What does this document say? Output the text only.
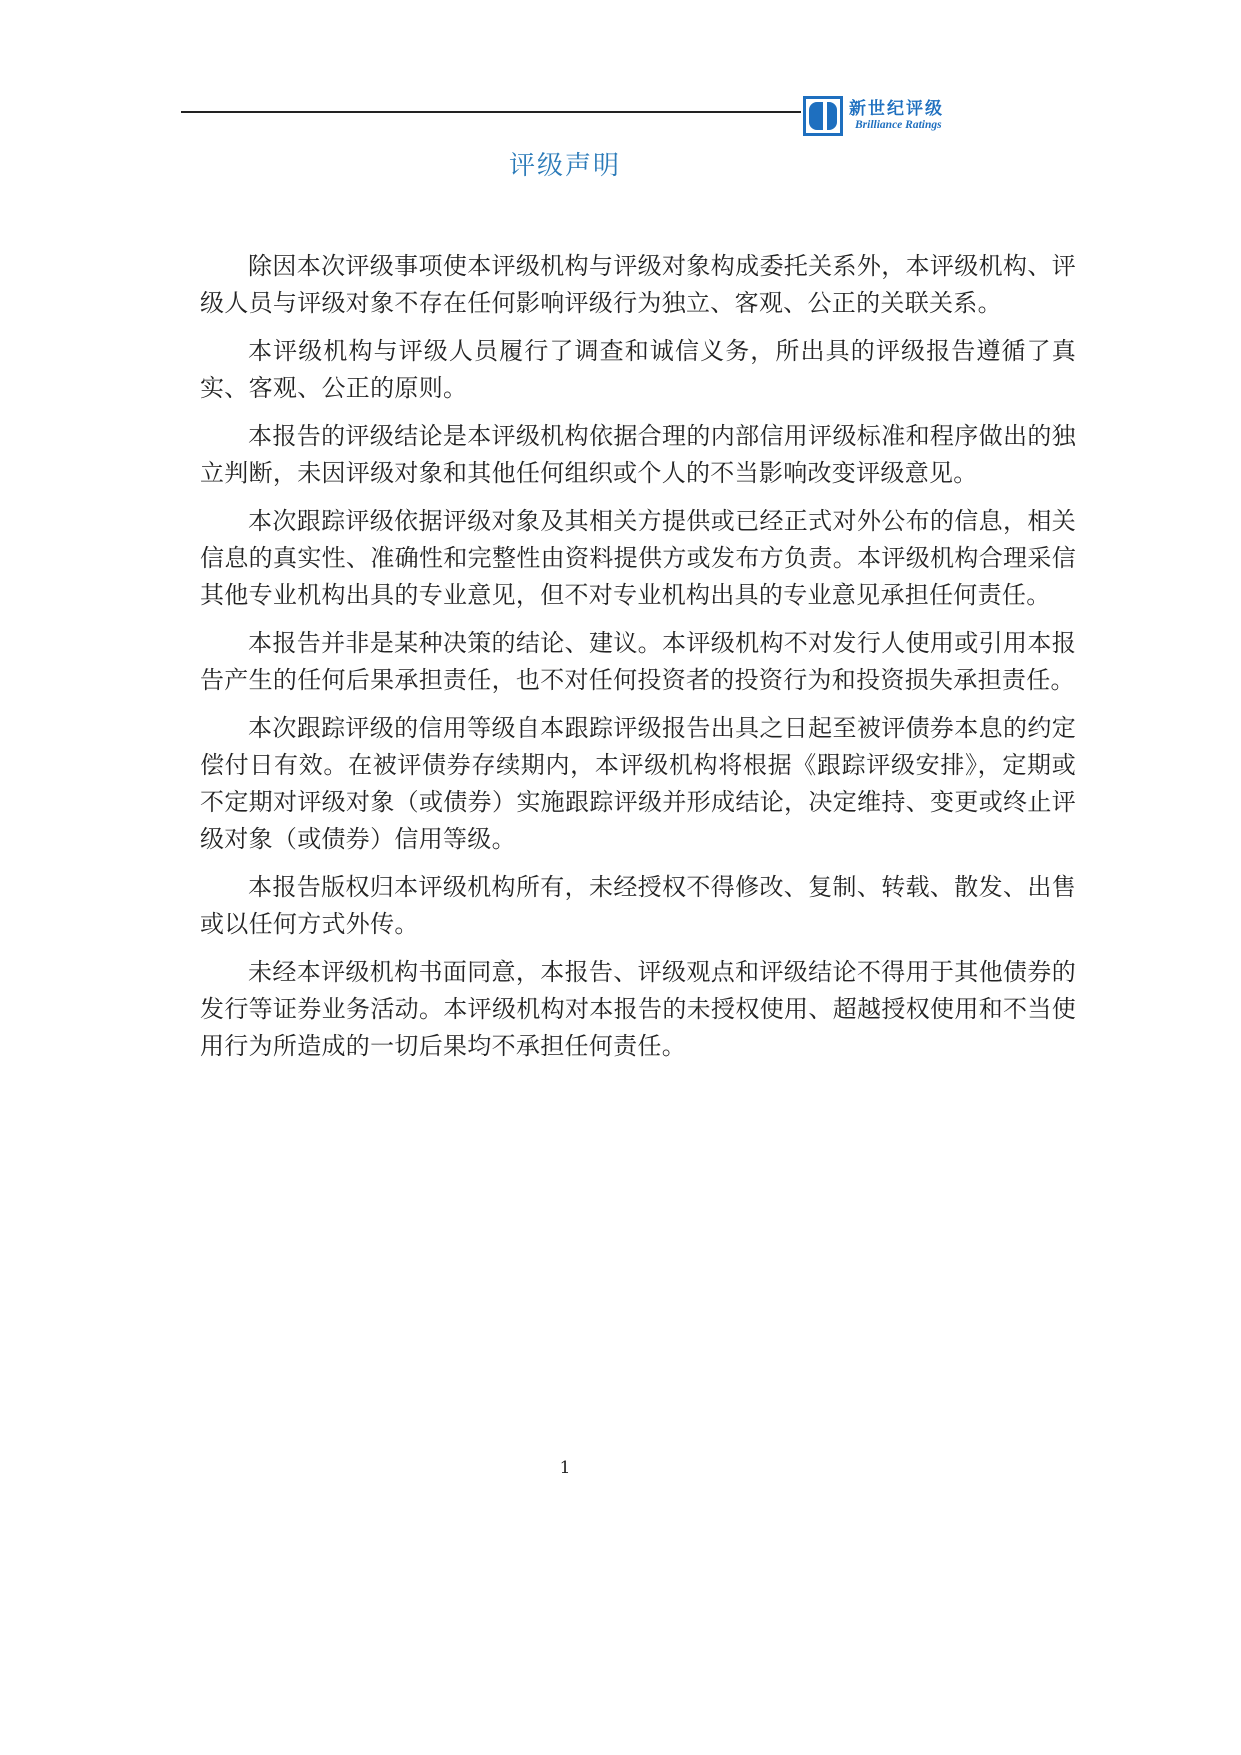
新世纪评级
Brilliance Ratings
评级声明

除因本次评级事项使本评级机构与评级对象构成委托关系外，本评级机构、评级人员与评级对象不存在任何影响评级行为独立、客观、公正的关联关系。

本评级机构与评级人员履行了调查和诚信义务，所出具的评级报告遵循了真实、客观、公正的原则。

本报告的评级结论是本评级机构依据合理的内部信用评级标准和程序做出的独立判断，未因评级对象和其他任何组织或个人的不当影响改变评级意见。

本次跟踪评级依据评级对象及其相关方提供或已经正式对外公布的信息，相关信息的真实性、准确性和完整性由资料提供方或发布方负责。本评级机构合理采信其他专业机构出具的专业意见，但不对专业机构出具的专业意见承担任何责任。

本报告并非是某种决策的结论、建议。本评级机构不对发行人使用或引用本报告产生的任何后果承担责任，也不对任何投资者的投资行为和投资损失承担责任。

本次跟踪评级的信用等级自本跟踪评级报告出具之日起至被评债券本息的约定偿付日有效。在被评债券存续期内，本评级机构将根据《跟踪评级安排》，定期或不定期对评级对象（或债券）实施跟踪评级并形成结论，决定维持、变更或终止评级对象（或债券）信用等级。

本报告版权归本评级机构所有，未经授权不得修改、复制、转载、散发、出售或以任何方式外传。

未经本评级机构书面同意，本报告、评级观点和评级结论不得用于其他债券的发行等证券业务活动。本评级机构对本报告的未授权使用、超越授权使用和不当使用行为所造成的一切后果均不承担任何责任。

1
